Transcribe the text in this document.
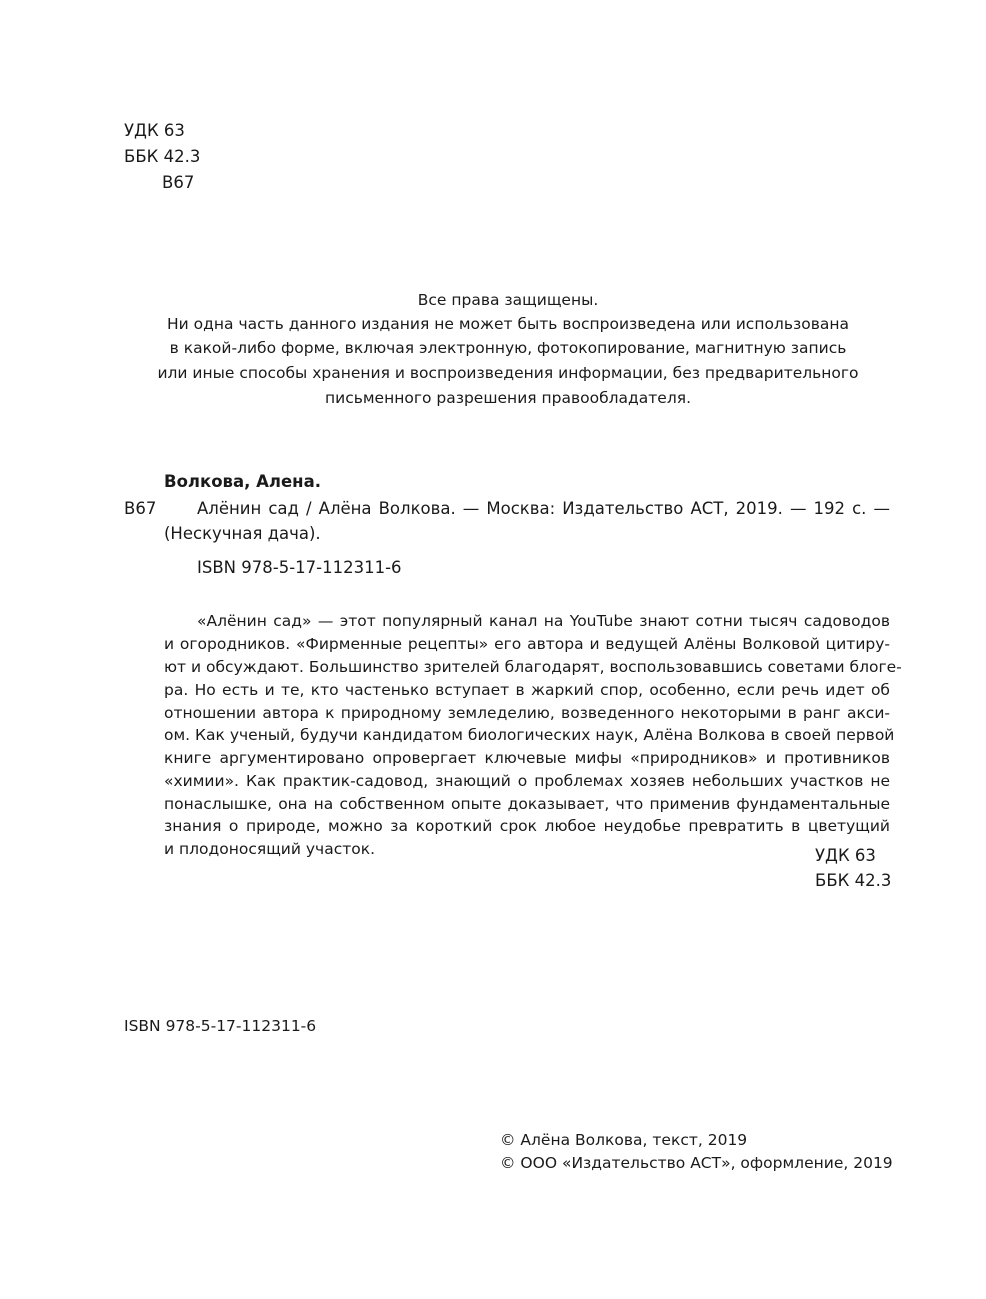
УДК 63

ББК 42.3

В67

Все права защищены.

Ни одна часть данного издания не может быть воспроизведена или использована

в какой-либо форме, включая электронную, фотокопирование, магнитную запись

или иные способы хранения и воспроизведения информации, без предварительного

письменного разрешения правообладателя.

Волкова, Алена.

В67 Алёнин сад / Алёна Волкова. — Москва: Издательство АСТ, 2019. — 192 с. —

(Нескучная дача).

ISBN 978-5-17-112311-6

«Алёнин сад» — этот популярный канал на YouTube знают сотни тысяч садоводов

и огородников. «Фирменные рецепты» его автора и ведущей Алёны Волковой цитиру-

ют и обсуждают. Большинство зрителей благодарят, воспользовавшись советами блоге-

ра. Но есть и те, кто частенько вступает в жаркий спор, особенно, если речь идет об

отношении автора к природному земледелию, возведенного некоторыми в ранг акси-

ом. Как ученый, будучи кандидатом биологических наук, Алёна Волкова в своей первой

книге аргументировано опровергает ключевые мифы «природников» и противников

«химии». Как практик-садовод, знающий о проблемах хозяев небольших участков не

понаслышке, она на собственном опыте доказывает, что применив фундаментальные

знания о природе, можно за короткий срок любое неудобье превратить в цветущий

и плодоносящий участок.	УДК 63

ББК 42.3

ISBN 978-5-17-112311-6

© Алёна Волкова, текст, 2019

© ООО «Издательство АСТ», оформление, 2019
